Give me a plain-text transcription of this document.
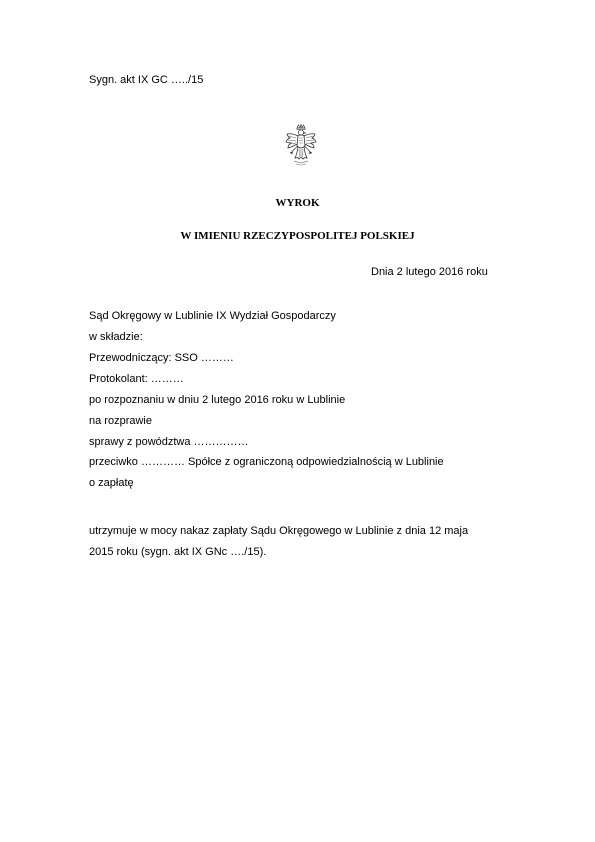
Sygn. akt IX GC …../15
WYROK
W IMIENIU RZECZYPOSPOLITEJ POLSKIEJ
Dnia 2 lutego 2016 roku
Sąd Okręgowy w Lublinie IX Wydział Gospodarczy
w składzie:
Przewodniczący: SSO ………
Protokolant: ………
po rozpoznaniu w dniu 2 lutego 2016 roku w Lublinie
na rozprawie
sprawy z powództwa ……………
przeciwko ………… Spółce z ograniczoną odpowiedzialnością w Lublinie
o zapłatę
utrzymuje w mocy nakaz zapłaty Sądu Okręgowego w Lublinie z dnia 12 maja
2015 roku (sygn. akt IX GNc …./15).
